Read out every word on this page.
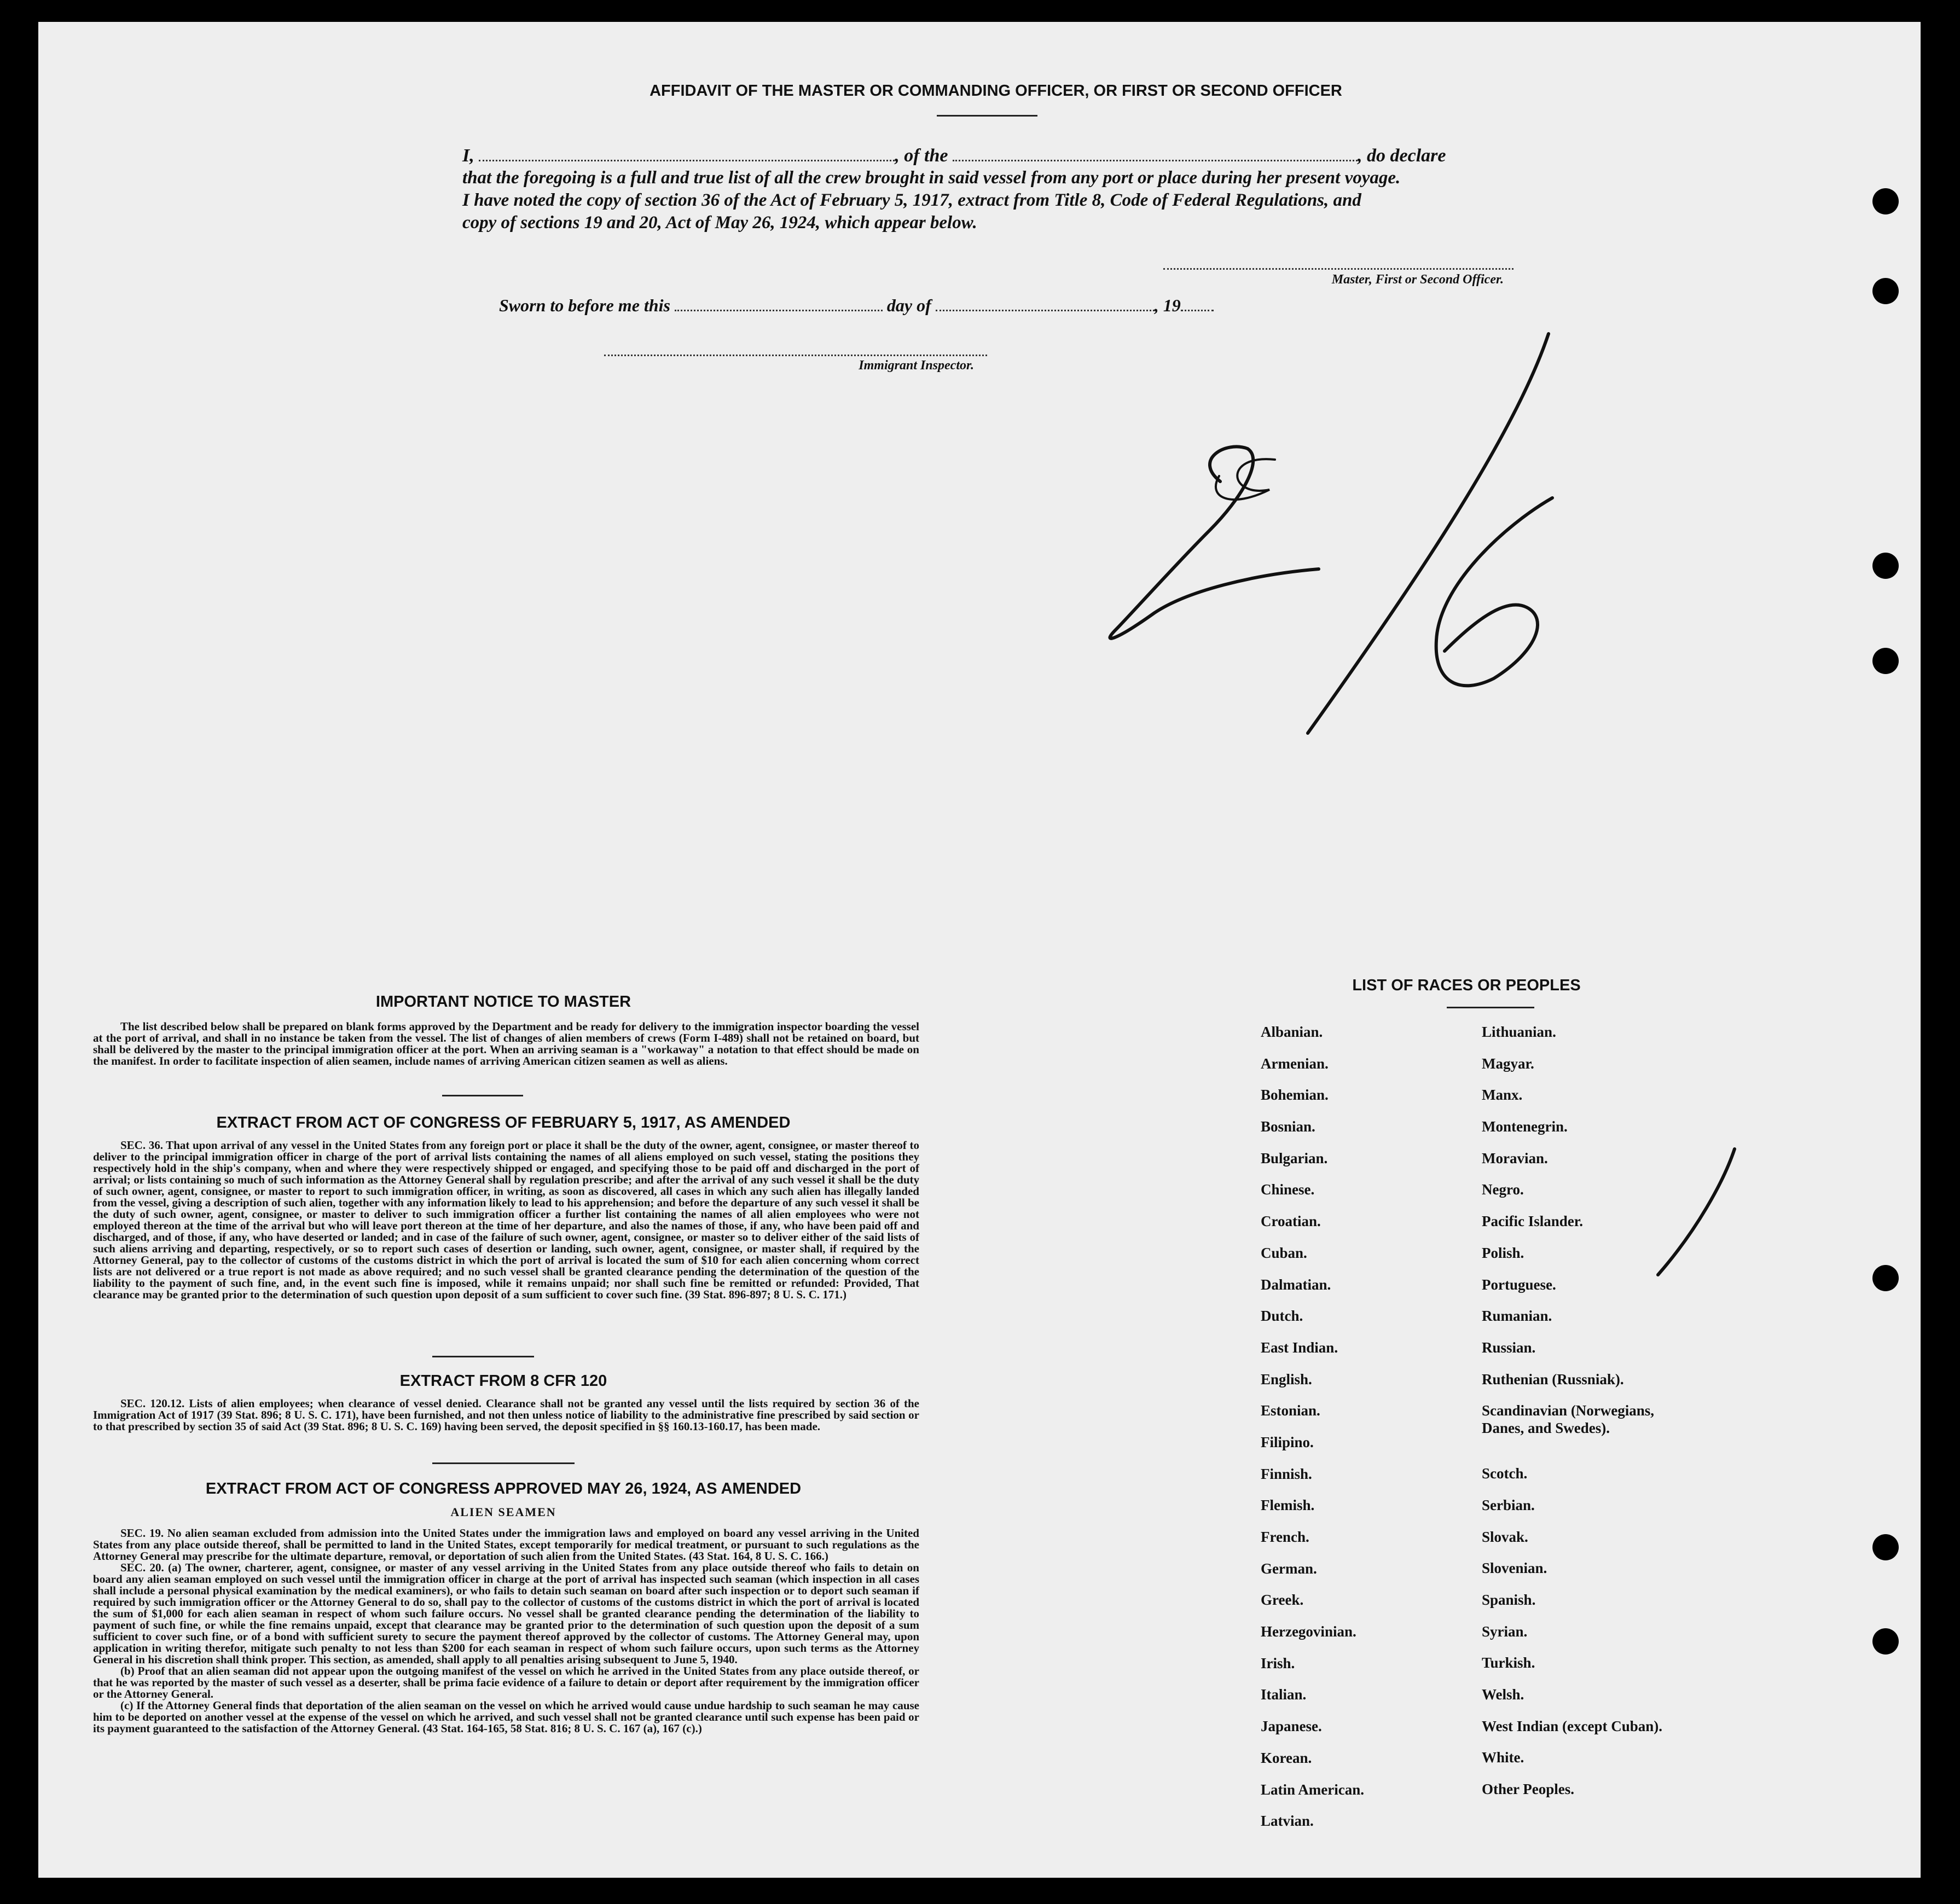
AFFIDAVIT OF THE MASTER OR COMMANDING OFFICER, OR FIRST OR SECOND OFFICER
I,	, of the	, do declare
that the foregoing is a full and true list of all the crew brought in said vessel from any port or place during her present voyage.
I have noted the copy of section 36 of the Act of February 5, 1917, extract from Title 8, Code of Federal Regulations, and
copy of sections 19 and 20, Act of May 26, 1924, which appear below.
Master, First or Second Officer.
Sworn to before me this	day of	, 19
Immigrant Inspector.
IMPORTANT NOTICE TO MASTER

The list described below shall be prepared on blank forms approved by the Department and be ready for delivery to the immigration inspector boarding the vessel at the port of arrival, and shall in no instance be taken from the vessel. The list of changes of alien members of crews (Form I-489) shall not be retained on board, but shall be delivered by the master to the principal immigration officer at the port. When an arriving seaman is a "workaway" a notation to that effect should be made on the manifest. In order to facilitate inspection of alien seamen, include names of arriving American citizen seamen as well as aliens.

EXTRACT FROM ACT OF CONGRESS OF FEBRUARY 5, 1917, AS AMENDED

SEC. 36. That upon arrival of any vessel in the United States from any foreign port or place it shall be the duty of the owner, agent, consignee, or master thereof to deliver to the principal immigration officer in charge of the port of arrival lists containing the names of all aliens employed on such vessel, stating the positions they respectively hold in the ship's company, when and where they were respectively shipped or engaged, and specifying those to be paid off and discharged in the port of arrival; or lists containing so much of such information as the Attorney General shall by regulation prescribe; and after the arrival of any such vessel it shall be the duty of such owner, agent, consignee, or master to report to such immigration officer, in writing, as soon as discovered, all cases in which any such alien has illegally landed from the vessel, giving a description of such alien, together with any information likely to lead to his apprehension; and before the departure of any such vessel it shall be the duty of such owner, agent, consignee, or master to deliver to such immigration officer a further list containing the names of all alien employees who were not employed thereon at the time of the arrival but who will leave port thereon at the time of her departure, and also the names of those, if any, who have been paid off and discharged, and of those, if any, who have deserted or landed; and in case of the failure of such owner, agent, consignee, or master so to deliver either of the said lists of such aliens arriving and departing, respectively, or so to report such cases of desertion or landing, such owner, agent, consignee, or master shall, if required by the Attorney General, pay to the collector of customs of the customs district in which the port of arrival is located the sum of $10 for each alien concerning whom correct lists are not delivered or a true report is not made as above required; and no such vessel shall be granted clearance pending the determination of the question of the liability to the payment of such fine, and, in the event such fine is imposed, while it remains unpaid; nor shall such fine be remitted or refunded: Provided, That clearance may be granted prior to the determination of such question upon deposit of a sum sufficient to cover such fine. (39 Stat. 896-897; 8 U. S. C. 171.)

EXTRACT FROM 8 CFR 120

SEC. 120.12. Lists of alien employees; when clearance of vessel denied. Clearance shall not be granted any vessel until the lists required by section 36 of the Immigration Act of 1917 (39 Stat. 896; 8 U. S. C. 171), have been furnished, and not then unless notice of liability to the administrative fine prescribed by said section or to that prescribed by section 35 of said Act (39 Stat. 896; 8 U. S. C. 169) having been served, the deposit specified in §§ 160.13-160.17, has been made.

EXTRACT FROM ACT OF CONGRESS APPROVED MAY 26, 1924, AS AMENDED
ALIEN SEAMEN

SEC. 19. No alien seaman excluded from admission into the United States under the immigration laws and employed on board any vessel arriving in the United States from any place outside thereof, shall be permitted to land in the United States, except temporarily for medical treatment, or pursuant to such regulations as the Attorney General may prescribe for the ultimate departure, removal, or deportation of such alien from the United States. (43 Stat. 164, 8 U. S. C. 166.)

SEC. 20. (a) The owner, charterer, agent, consignee, or master of any vessel arriving in the United States from any place outside thereof who fails to detain on board any alien seaman employed on such vessel until the immigration officer in charge at the port of arrival has inspected such seaman (which inspection in all cases shall include a personal physical examination by the medical examiners), or who fails to detain such seaman on board after such inspection or to deport such seaman if required by such immigration officer or the Attorney General to do so, shall pay to the collector of customs of the customs district in which the port of arrival is located the sum of $1,000 for each alien seaman in respect of whom such failure occurs. No vessel shall be granted clearance pending the determination of the liability to payment of such fine, or while the fine remains unpaid, except that clearance may be granted prior to the determination of such question upon the deposit of a sum sufficient to cover such fine, or of a bond with sufficient surety to secure the payment thereof approved by the collector of customs. The Attorney General may, upon application in writing therefor, mitigate such penalty to not less than $200 for each seaman in respect of whom such failure occurs, upon such terms as the Attorney General in his discretion shall think proper. This section, as amended, shall apply to all penalties arising subsequent to June 5, 1940.

(b) Proof that an alien seaman did not appear upon the outgoing manifest of the vessel on which he arrived in the United States from any place outside thereof, or that he was reported by the master of such vessel as a deserter, shall be prima facie evidence of a failure to detain or deport after requirement by the immigration officer or the Attorney General.

(c) If the Attorney General finds that deportation of the alien seaman on the vessel on which he arrived would cause undue hardship to such seaman he may cause him to be deported on another vessel at the expense of the vessel on which he arrived, and such vessel shall not be granted clearance until such expense has been paid or its payment guaranteed to the satisfaction of the Attorney General. (43 Stat. 164-165, 58 Stat. 816; 8 U. S. C. 167 (a), 167 (c).)

LIST OF RACES OR PEOPLES
Albanian.
Armenian.
Bohemian.
Bosnian.
Bulgarian.
Chinese.
Croatian.
Cuban.
Dalmatian.
Dutch.
East Indian.
English.
Estonian.
Filipino.
Finnish.
Flemish.
French.
German.
Greek.
Herzegovinian.
Irish.
Italian.
Japanese.
Korean.
Latin American.
Latvian.
Lithuanian.
Magyar.
Manx.
Montenegrin.
Moravian.
Negro.
Pacific Islander.
Polish.
Portuguese.
Rumanian.
Russian.
Ruthenian (Russniak).
Scandinavian (Norwegians, Danes, and Swedes).
Scotch.
Serbian.
Slovak.
Slovenian.
Spanish.
Syrian.
Turkish.
Welsh.
West Indian (except Cuban).
White.
Other Peoples.
